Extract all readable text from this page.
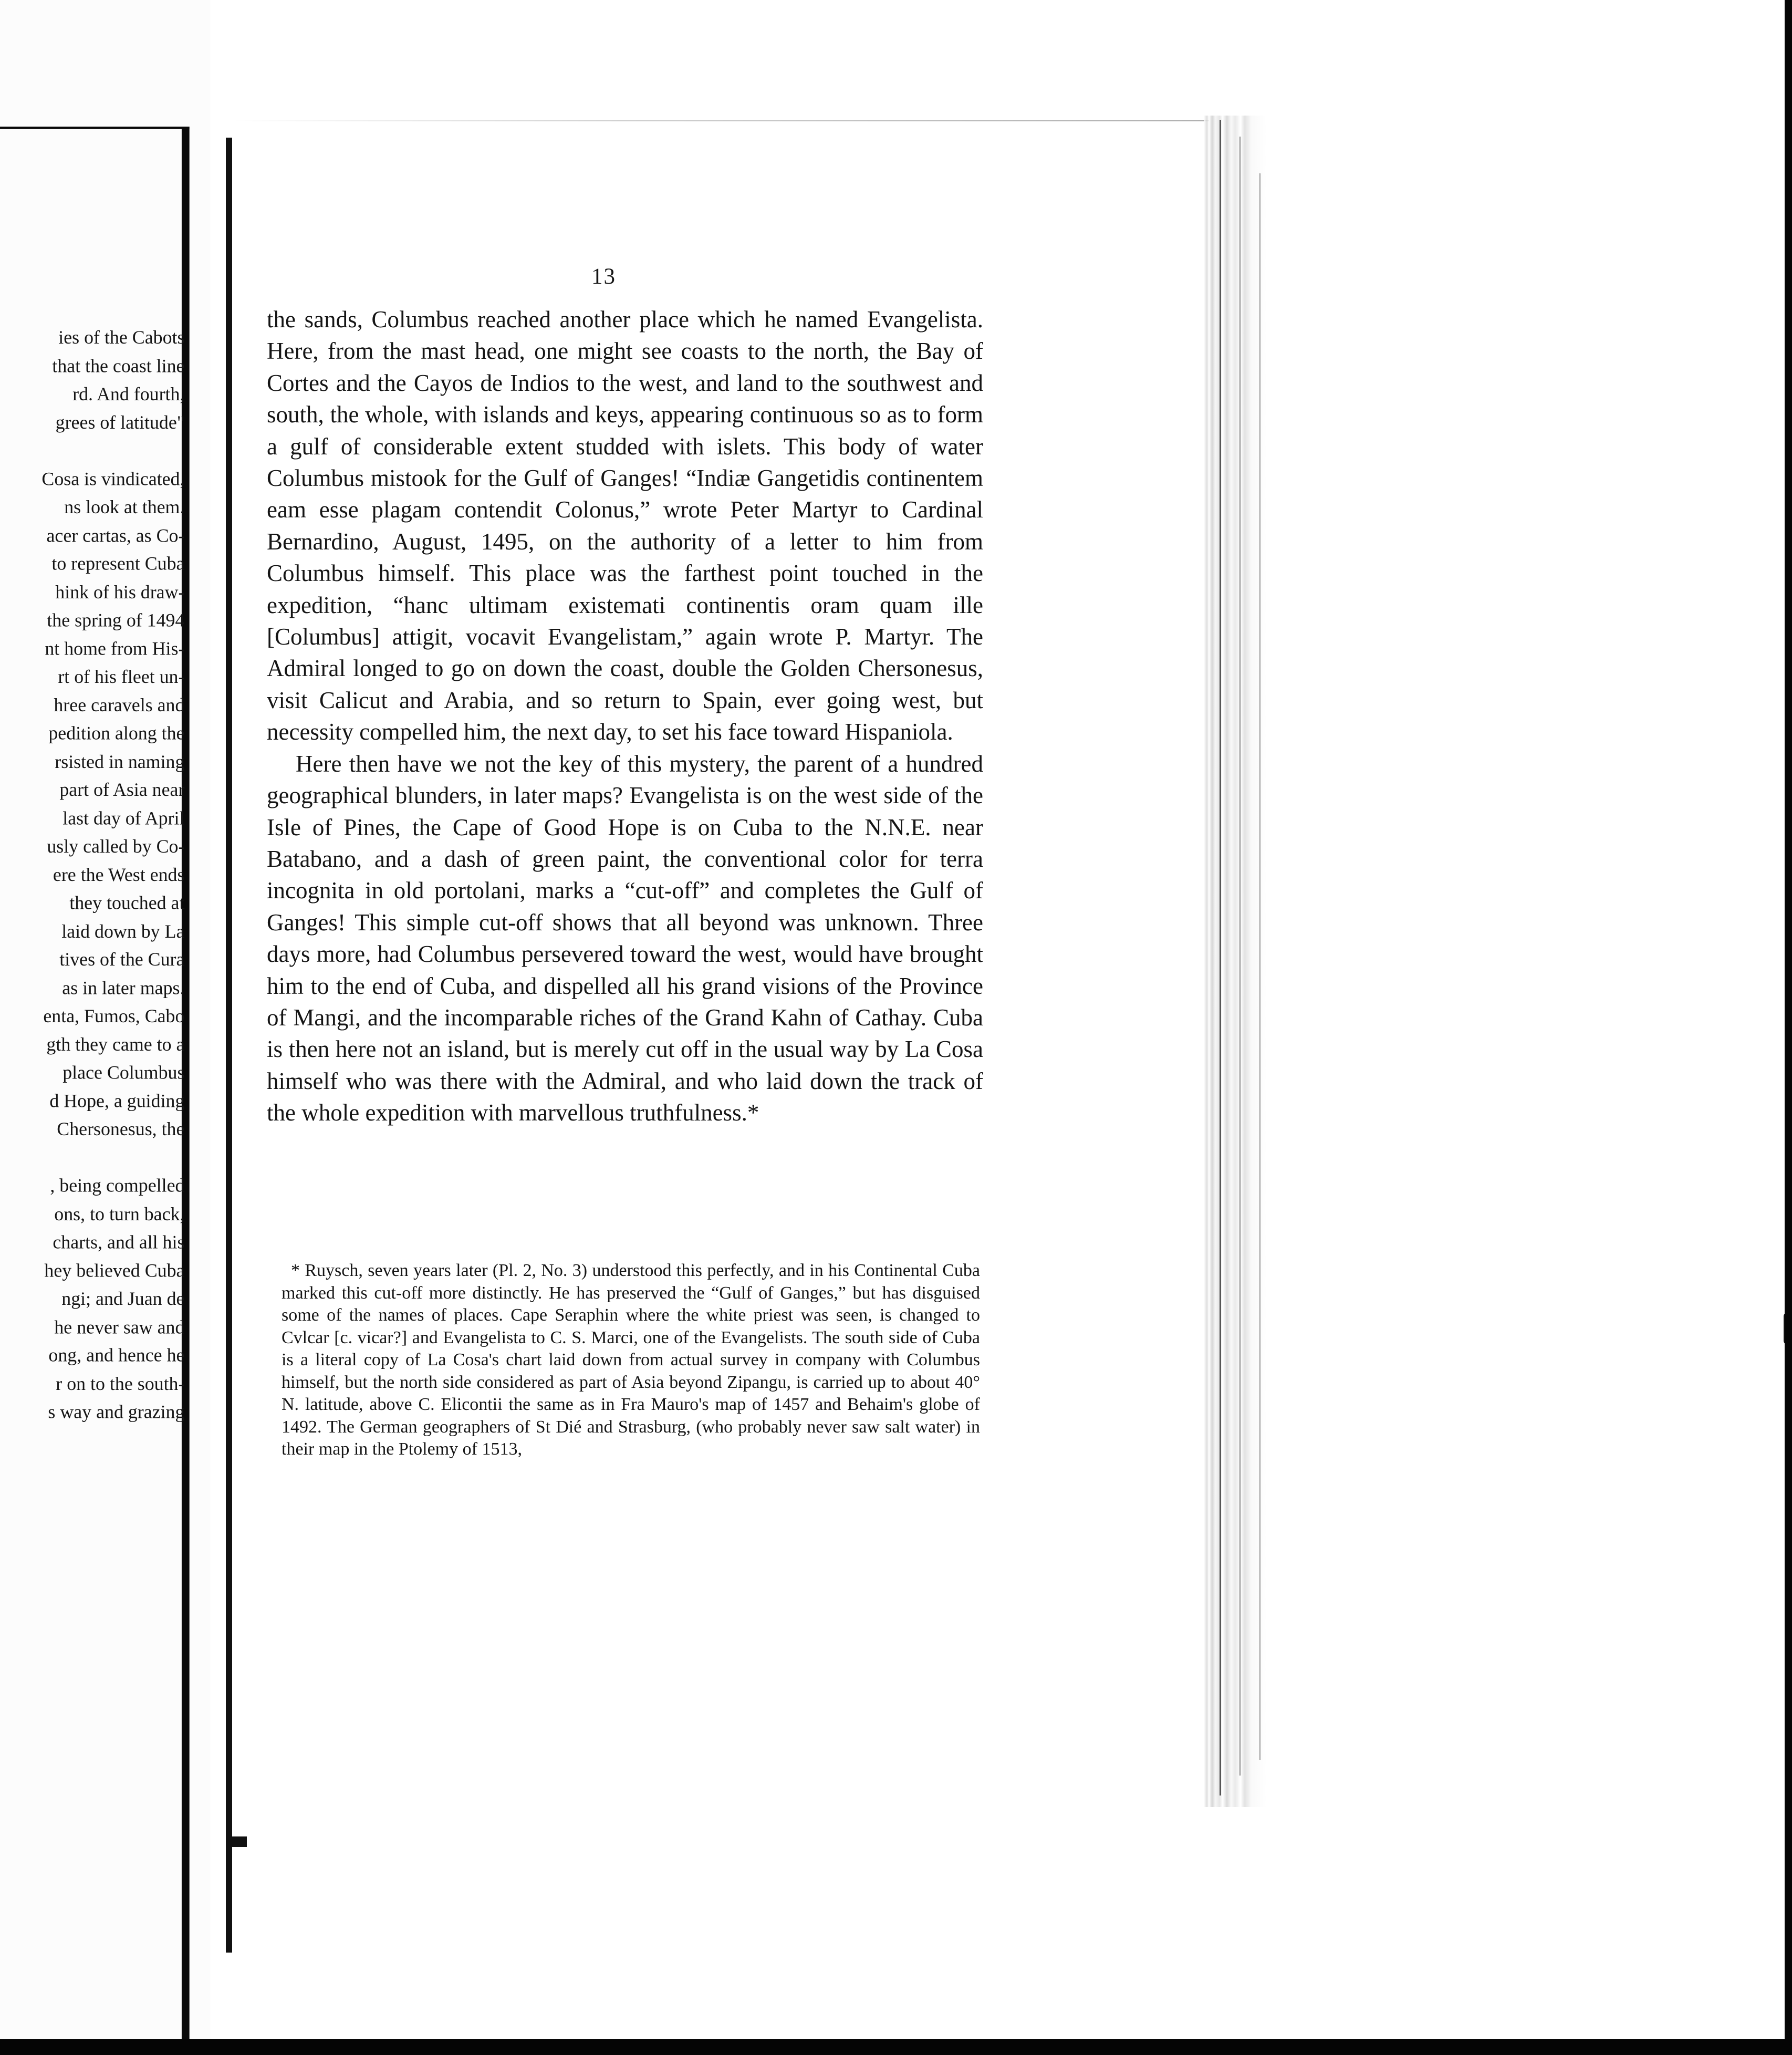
ies of the Cabots
that the coast line
rd. And fourth,
grees of latitude"
Cosa is vindicated,
ns look at them.
acer cartas, as Co-
to represent Cuba
hink of his draw-
the spring of 1494
nt home from His-
rt of his fleet un-
hree caravels and
pedition along the
rsisted in naming
part of Asia near
last day of April
usly called by Co-
ere the West ends
they touched at
laid down by La
tives of the Cura
as in later maps.
enta, Fumos, Cabo
gth they came to a
place Columbus
d Hope, a guiding
Chersonesus, the
, being compelled
ons, to turn back,
charts, and all his
hey believed Cuba
ngi; and Juan de
he never saw and
ong, and hence he
r on to the south-
s way and grazing
13

the sands, Columbus reached another place which he named Evangelista. Here, from the mast head, one might see coasts to the north, the Bay of Cortes and the Cayos de Indios to the west, and land to the southwest and south, the whole, with islands and keys, appearing continuous so as to form a gulf of considerable extent studded with islets. This body of water Columbus mistook for the Gulf of Ganges! “Indiæ Gangetidis continentem eam esse plagam contendit Colonus,” wrote Peter Martyr to Cardinal Bernardino, August, 1495, on the authority of a letter to him from Columbus himself. This place was the farthest point touched in the expedition, “hanc ultimam existemati continentis oram quam ille [Columbus] attigit, vocavit Evangelistam,” again wrote P. Martyr. The Admiral longed to go on down the coast, double the Golden Chersonesus, visit Calicut and Arabia, and so return to Spain, ever going west, but necessity compelled him, the next day, to set his face toward Hispaniola.

Here then have we not the key of this mystery, the parent of a hundred geographical blunders, in later maps? Evangelista is on the west side of the Isle of Pines, the Cape of Good Hope is on Cuba to the N.N.E. near Batabano, and a dash of green paint, the conventional color for terra incognita in old portolani, marks a “cut-off” and completes the Gulf of Ganges! This simple cut-off shows that all beyond was unknown. Three days more, had Columbus persevered toward the west, would have brought him to the end of Cuba, and dispelled all his grand visions of the Province of Mangi, and the incomparable riches of the Grand Kahn of Cathay. Cuba is then here not an island, but is merely cut off in the usual way by La Cosa himself who was there with the Admiral, and who laid down the track of the whole expedition with marvellous truthfulness.*

* Ruysch, seven years later (Pl. 2, No. 3) understood this perfectly, and in his Continental Cuba marked this cut-off more distinctly. He has preserved the “Gulf of Ganges,” but has disguised some of the names of places. Cape Seraphin where the white priest was seen, is changed to Cvlcar [c. vicar?] and Evangelista to C. S. Marci, one of the Evangelists. The south side of Cuba is a literal copy of La Cosa's chart laid down from actual survey in company with Columbus himself, but the north side considered as part of Asia beyond Zipangu, is carried up to about 40° N. latitude, above C. Elicontii the same as in Fra Mauro's map of 1457 and Behaim's globe of 1492. The German geographers of St Dié and Strasburg, (who probably never saw salt water) in their map in the Ptolemy of 1513,
